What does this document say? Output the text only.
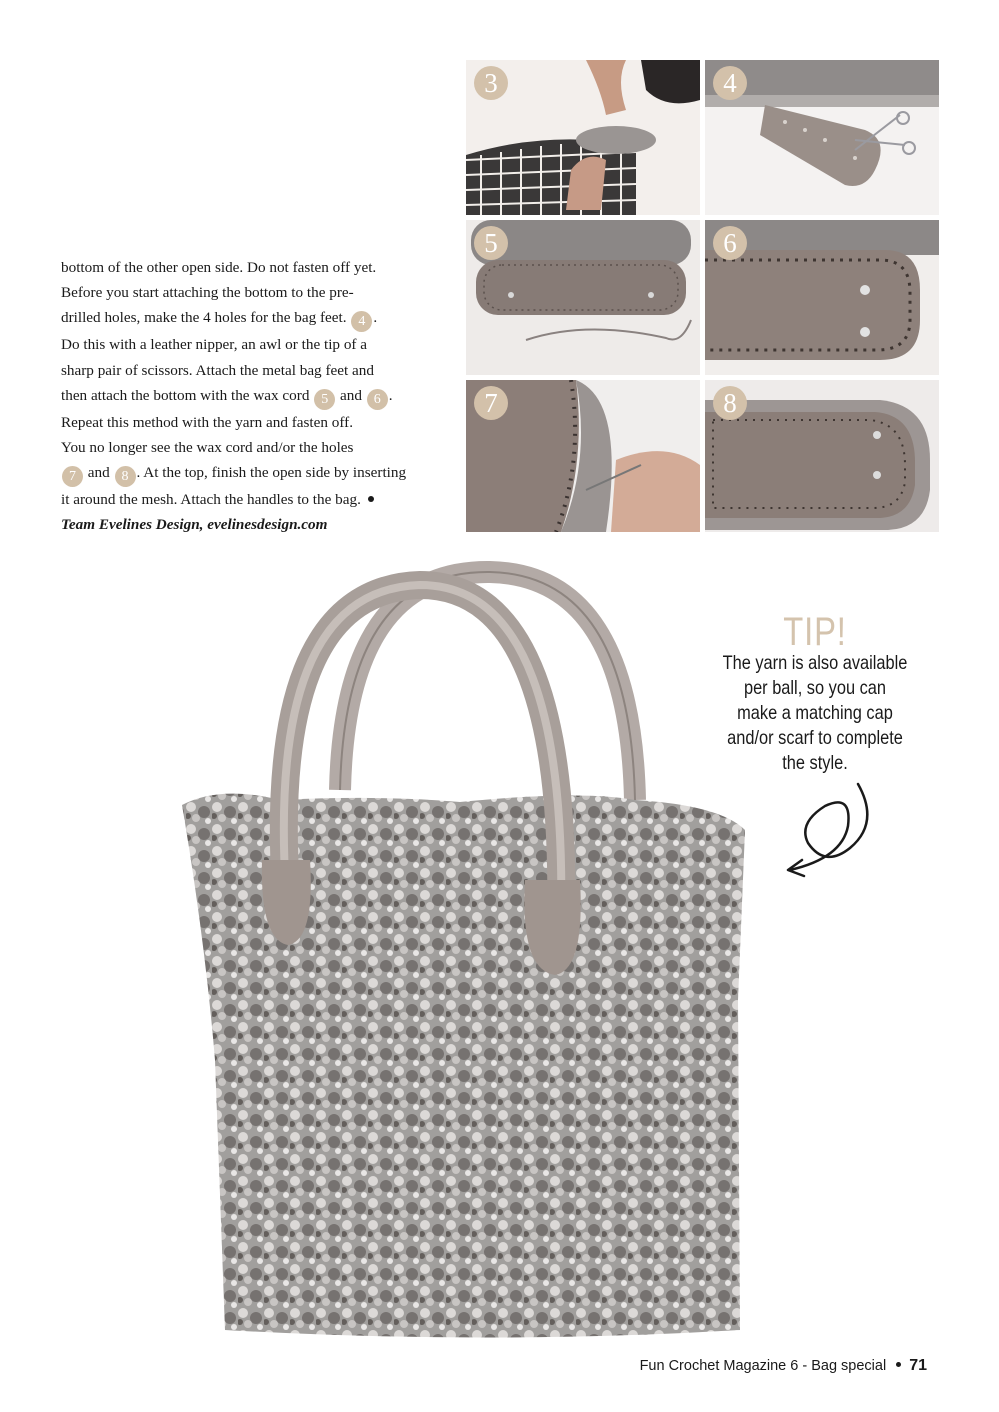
bottom of the other open side. Do not fasten off yet.

Before you start attaching the bottom to the pre-

drilled holes, make the 4 holes for the bag feet. 4 .

Do this with a leather nipper, an awl or the tip of a

sharp pair of scissors. Attach the metal bag feet and

then attach the bottom with the wax cord 5 and 6 .

Repeat this method with the yarn and fasten off.

You no longer see the wax cord and/or the holes

7 and 8 . At the top, finish the open side by inserting

it around the mesh. Attach the handles to the bag.

Team Evelines Design, evelinesdesign.com

3	4
5	6
7	8
TIP!
The yarn is also available
per ball, so you can
make a matching cap
and/or scarf to complete
the style.
Fun Crochet Magazine 6 - Bag special 71
